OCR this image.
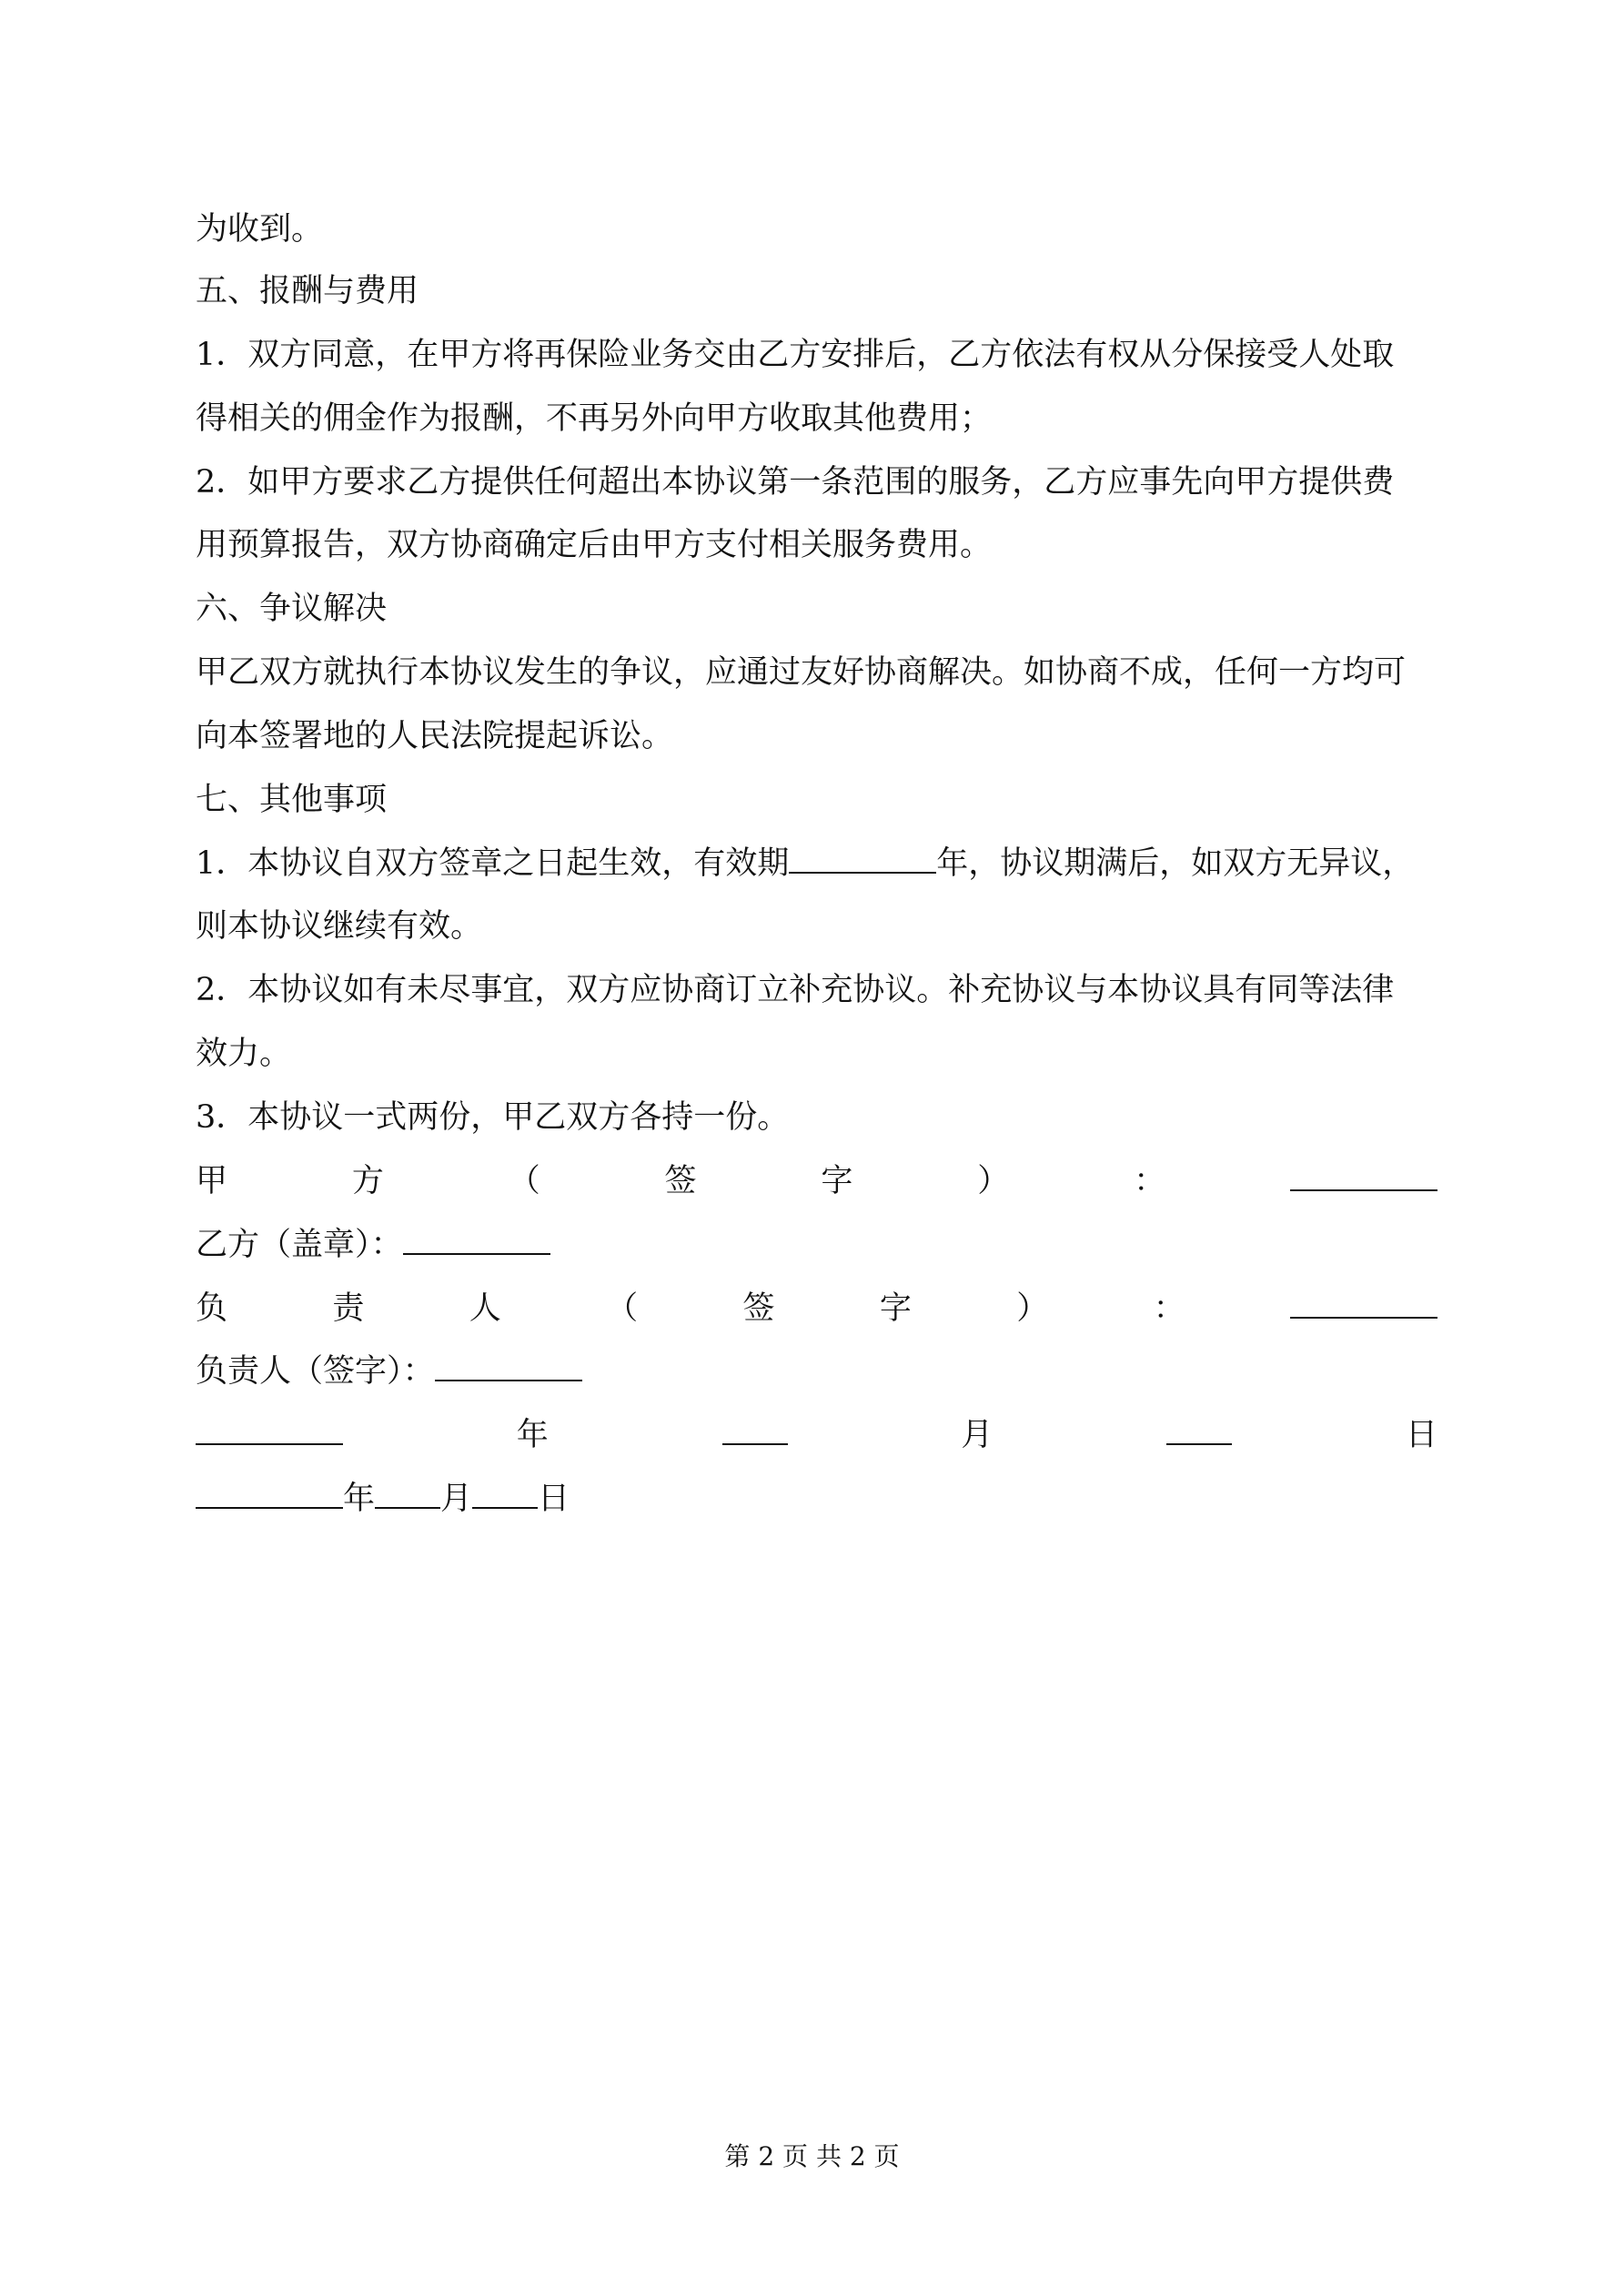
为收到。
五、报酬与费用
1．双方同意，在甲方将再保险业务交由乙方安排后，乙方依法有权从分保接受人处取
得相关的佣金作为报酬，不再另外向甲方收取其他费用；
2．如甲方要求乙方提供任何超出本协议第一条范围的服务，乙方应事先向甲方提供费
用预算报告，双方协商确定后由甲方支付相关服务费用。
六、争议解决
甲乙双方就执行本协议发生的争议，应通过友好协商解决。如协商不成，任何一方均可
向本签署地的人民法院提起诉讼。
七、其他事项
1．本协议自双方签章之日起生效，有效期	年，协议期满后，如双方无异议，
则本协议继续有效。
2．本协议如有未尽事宜，双方应协商订立补充协议。补充协议与本协议具有同等法律
效力。
3．本协议一式两份，甲乙双方各持一份。
甲	方	（	签	字	）	：
乙方（盖章）：
负	责	人	（	签	字	）	：
负责人（签字）：
年	月	日
年 月 日
第 2 页 共 2 页
